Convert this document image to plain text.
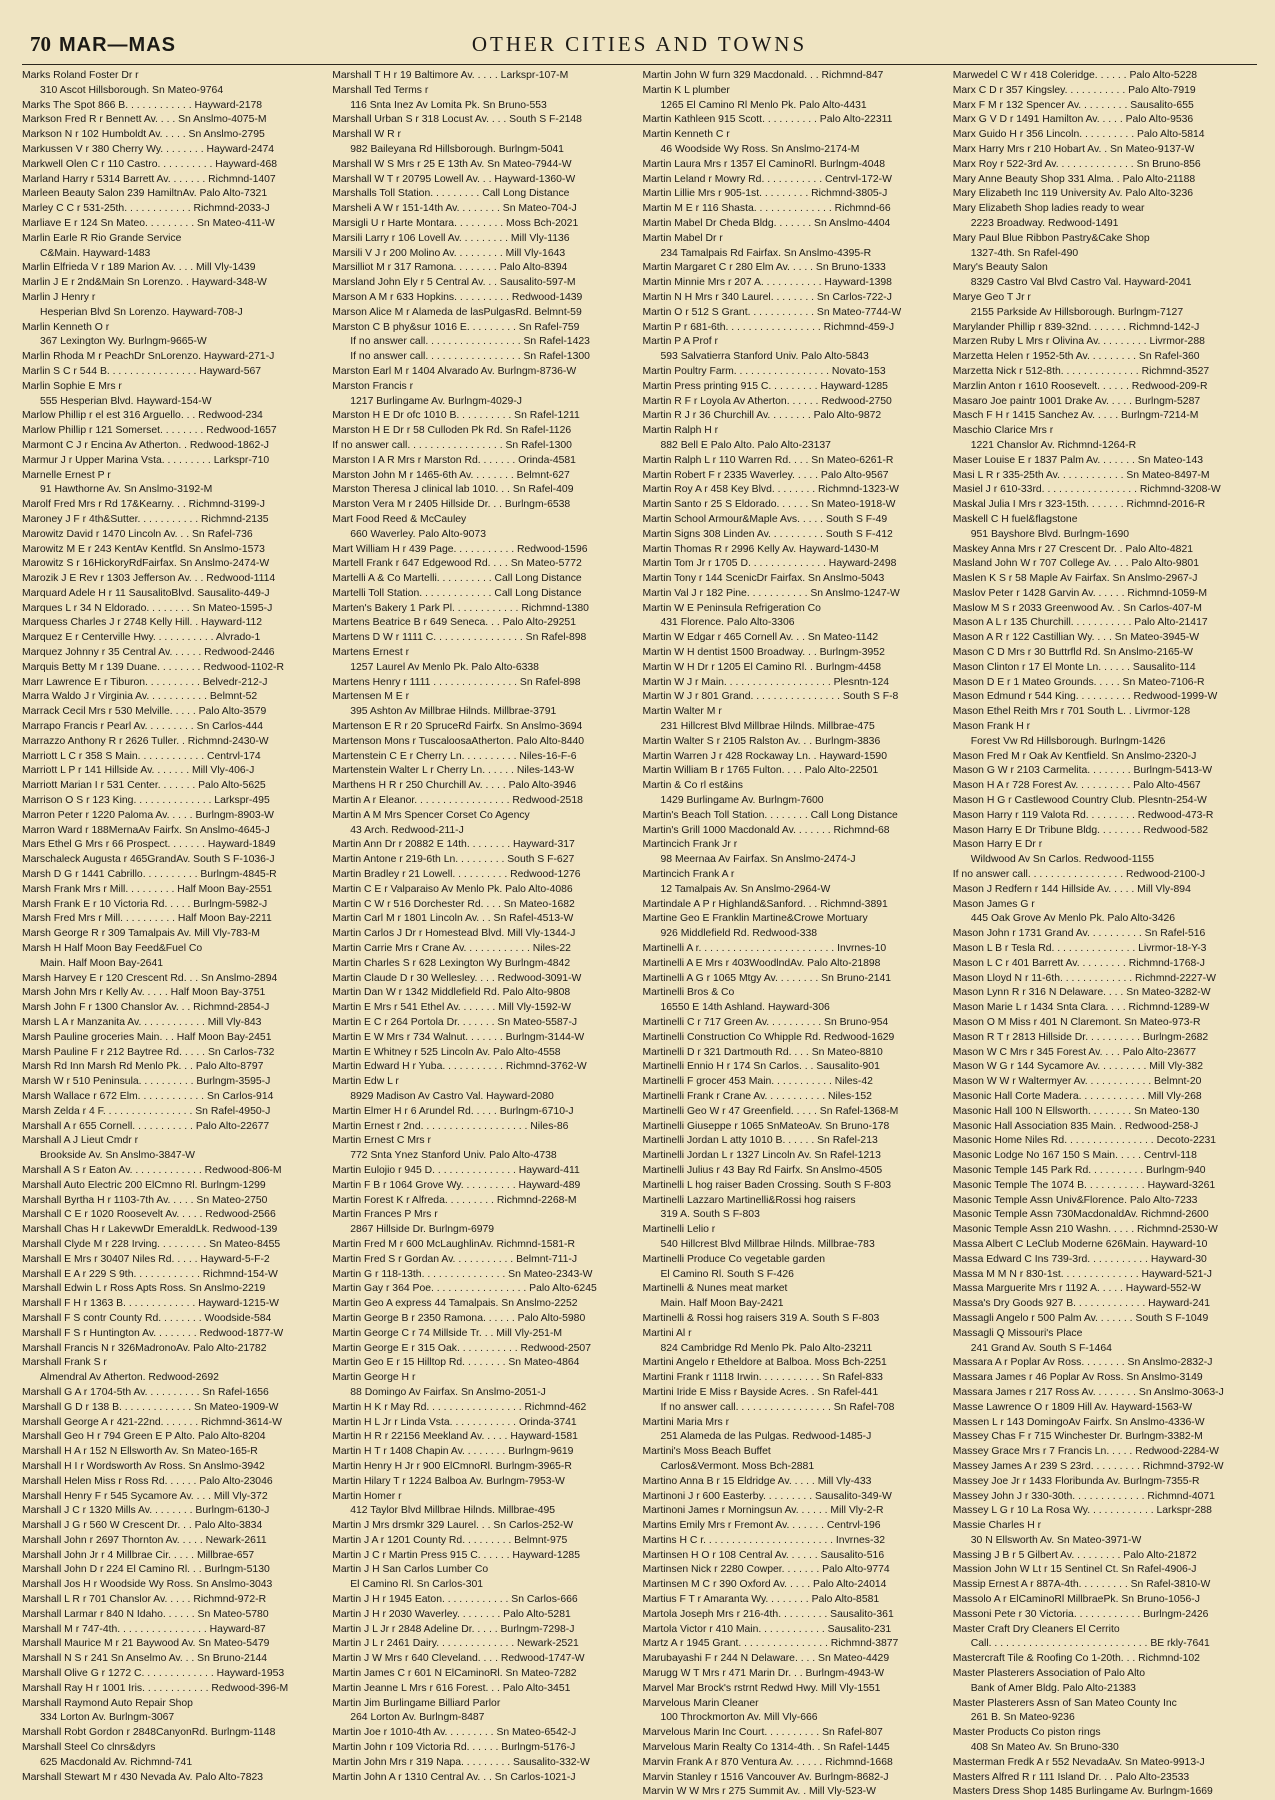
70 MAR—MAS	OTHER CITIES AND TOWNS
Marks Roland Foster Dr r
310 Ascot Hillsborough. Sn Mateo-9764
Marks The Spot 866 B. . . . . . . . . . . . Hayward-2178
Markson Fred R r Bennett Av. . . . Sn Anslmo-4075-M
Markson N r 102 Humboldt Av. . . . . Sn Anslmo-2795
Markussen V r 380 Cherry Wy. . . . . . . . Hayward-2474
Markwell Olen C r 110 Castro. . . . . . . . . . Hayward-468
Marland Harry r 5314 Barrett Av. . . . . . . Richmnd-1407
Marleen Beauty Salon 239 HamiltnAv. Palo Alto-7321
Marley C C r 531-25th. . . . . . . . . . . . Richmnd-2033-J
Marliave E r 124 Sn Mateo. . . . . . . . . Sn Mateo-411-W
Marlin Earle R Rio Grande Service
C&Main. Hayward-1483
Marlin Elfrieda V r 189 Marion Av. . . . Mill Vly-1439
Marlin J E r 2nd&Main Sn Lorenzo. . Hayward-348-W
Marlin J Henry r
Hesperian Blvd Sn Lorenzo. Hayward-708-J
Marlin Kenneth O r
367 Lexington Wy. Burlngm-9665-W
Marlin Rhoda M r PeachDr SnLorenzo. Hayward-271-J
Marlin S C r 544 B. . . . . . . . . . . . . . . . Hayward-567
Marlin Sophie E Mrs r
555 Hesperian Blvd. Hayward-154-W
Marlow Phillip r el est 316 Arguello. . . Redwood-234
Marlow Phillip r 121 Somerset. . . . . . . . Redwood-1657
Marmont C J r Encina Av Atherton. . Redwood-1862-J
Marmur J r Upper Marina Vsta. . . . . . . . . Larkspr-710
Marnelle Ernest P r
91 Hawthorne Av. Sn Anslmo-3192-M
Marolf Fred Mrs r Rd 17&Kearny. . . Richmnd-3199-J
Maroney J F r 4th&Sutter. . . . . . . . . . . Richmnd-2135
Marowitz David r 1470 Lincoln Av. . . Sn Rafel-736
Marowitz M E r 243 KentAv Kentfld. Sn Anslmo-1573
Marowitz S r 16HickoryRdFairfax. Sn Anslmo-2474-W
Marozik J E Rev r 1303 Jefferson Av. . . Redwood-1114
Marquard Adele H r 11 SausalitoBlvd. Sausalito-449-J
Marques L r 34 N Eldorado. . . . . . . . Sn Mateo-1595-J
Marquess Charles J r 2748 Kelly Hill. . Hayward-112
Marquez E r Centerville Hwy. . . . . . . . . . . Alvrado-1
Marquez Johnny r 35 Central Av. . . . . . Redwood-2446
Marquis Betty M r 139 Duane. . . . . . . . Redwood-1102-R
Marr Lawrence E r Tiburon. . . . . . . . . . Belvedr-212-J
Marra Waldo J r Virginia Av. . . . . . . . . . . Belmnt-52
Marrack Cecil Mrs r 530 Melville. . . . . Palo Alto-3579
Marrapo Francis r Pearl Av. . . . . . . . . Sn Carlos-444
Marrazzo Anthony R r 2626 Tuller. . Richmnd-2430-W
Marriott L C r 358 S Main. . . . . . . . . . . . Centrvl-174
Marriott L P r 141 Hillside Av. . . . . . . Mill Vly-406-J
Marriott Marian I r 531 Center. . . . . . . Palo Alto-5625
Marrison O S r 123 King. . . . . . . . . . . . . . Larkspr-495
Marron Peter r 1220 Paloma Av. . . . . Burlngm-8903-W
Marron Ward r 188MernaAv Fairfx. Sn Anslmo-4645-J
Mars Ethel G Mrs r 66 Prospect. . . . . . . Hayward-1849
Marschaleck Augusta r 465GrandAv. South S F-1036-J
Marsh D G r 1441 Cabrillo. . . . . . . . . . Burlngm-4845-R
Marsh Frank Mrs r Mill. . . . . . . . . Half Moon Bay-2551
Marsh Frank E r 10 Victoria Rd. . . . . Burlngm-5982-J
Marsh Fred Mrs r Mill. . . . . . . . . . Half Moon Bay-2211
Marsh George R r 309 Tamalpais Av. Mill Vly-783-M
Marsh H Half Moon Bay Feed&Fuel Co
Main. Half Moon Bay-2641
Marsh Harvey E r 120 Crescent Rd. . . Sn Anslmo-2894
Marsh John Mrs r Kelly Av. . . . . Half Moon Bay-3751
Marsh John F r 1300 Chanslor Av. . . Richmnd-2854-J
Marsh L A r Manzanita Av. . . . . . . . . . . . Mill Vly-843
Marsh Pauline groceries Main. . . Half Moon Bay-2451
Marsh Pauline F r 212 Baytree Rd. . . . . Sn Carlos-732
Marsh Rd Inn Marsh Rd Menlo Pk. . . Palo Alto-8797
Marsh W r 510 Peninsula. . . . . . . . . . Burlngm-3595-J
Marsh Wallace r 672 Elm. . . . . . . . . . . . Sn Carlos-914
Marsh Zelda r 4 F. . . . . . . . . . . . . . . . Sn Rafel-4950-J
Marshall A r 655 Cornell. . . . . . . . . . . Palo Alto-22677
Marshall A J Lieut Cmdr r
Brookside Av. Sn Anslmo-3847-W
Marshall A S r Eaton Av. . . . . . . . . . . . . Redwood-806-M
Marshall Auto Electric 200 ElCmno Rl. Burlngm-1299
Marshall Byrtha H r 1103-7th Av. . . . . Sn Mateo-2750
Marshall C E r 1020 Roosevelt Av. . . . . Redwood-2566
Marshall Chas H r LakevwDr EmeraldLk. Redwood-139
Marshall Clyde M r 228 Irving. . . . . . . . . Sn Mateo-8455
Marshall E Mrs r 30407 Niles Rd. . . . . Hayward-5-F-2
Marshall E A r 229 S 9th. . . . . . . . . . . . Richmnd-154-W
Marshall Edwin L r Ross Apts Ross. Sn Anslmo-2219
Marshall F H r 1363 B. . . . . . . . . . . . . Hayward-1215-W
Marshall F S contr County Rd. . . . . . . . Woodside-584
Marshall F S r Huntington Av. . . . . . . . Redwood-1877-W
Marshall Francis N r 326MadronoAv. Palo Alto-21782
Marshall Frank S r
Almendral Av Atherton. Redwood-2692
Marshall G A r 1704-5th Av. . . . . . . . . . Sn Rafel-1656
Marshall G D r 138 B. . . . . . . . . . . . . Sn Mateo-1909-W
Marshall George A r 421-22nd. . . . . . . Richmnd-3614-W
Marshall Geo H r 794 Green E P Alto. Palo Alto-8204
Marshall H A r 152 N Ellsworth Av. Sn Mateo-165-R
Marshall H I r Wordsworth Av Ross. Sn Anslmo-3942
Marshall Helen Miss r Ross Rd. . . . . . Palo Alto-23046
Marshall Henry F r 545 Sycamore Av. . . . Mill Vly-372
Marshall J C r 1320 Mills Av. . . . . . . . Burlngm-6130-J
Marshall J G r 560 W Crescent Dr. . . Palo Alto-3834
Marshall John r 2697 Thornton Av. . . . . Newark-2611
Marshall John Jr r 4 Millbrae Cir. . . . . Millbrae-657
Marshall John D r 224 El Camino Rl. . . Burlngm-5130
Marshall Jos H r Woodside Wy Ross. Sn Anslmo-3043
Marshall L R r 701 Chanslor Av. . . . . Richmnd-972-R
Marshall Larmar r 840 N Idaho. . . . . . Sn Mateo-5780
Marshall M r 747-4th. . . . . . . . . . . . . . . . Hayward-87
Marshall Maurice M r 21 Baywood Av. Sn Mateo-5479
Marshall N S r 241 Sn Anselmo Av. . . Sn Bruno-2144
Marshall Olive G r 1272 C. . . . . . . . . . . . . Hayward-1953
Marshall Ray H r 1001 Iris. . . . . . . . . . . . Redwood-396-M
Marshall Raymond Auto Repair Shop
334 Lorton Av. Burlngm-3067
Marshall Robt Gordon r 2848CanyonRd. Burlngm-1148
Marshall Steel Co clnrs&dyrs
625 Macdonald Av. Richmnd-741
Marshall Stewart M r 430 Nevada Av. Palo Alto-7823
Marshall T H r 19 Baltimore Av. . . . . Larkspr-107-M
Marshall Ted Terms r
116 Snta Inez Av Lomita Pk. Sn Bruno-553
Marshall Urban S r 318 Locust Av. . . . South S F-2148
Marshall W R r
982 Baileyana Rd Hillsborough. Burlngm-5041
Marshall W S Mrs r 25 E 13th Av. Sn Mateo-7944-W
Marshall W T r 20795 Lowell Av. . . Hayward-1360-W
Marshalls Toll Station. . . . . . . . . Call Long Distance
Marsheli A W r 151-14th Av. . . . . . . . Sn Mateo-704-J
Marsigli U r Harte Montara. . . . . . . . . Moss Bch-2021
Marsili Larry r 106 Lovell Av. . . . . . . . . Mill Vly-1136
Marsili V J r 200 Molino Av. . . . . . . . . Mill Vly-1643
Marsilliot M r 317 Ramona. . . . . . . . Palo Alto-8394
Marsland John Ely r 5 Central Av. . . Sausalito-597-M
Marson A M r 633 Hopkins. . . . . . . . . . Redwood-1439
Marson Alice M r Alameda de lasPulgasRd. Belmnt-59
Marston C B phy&sur 1016 E. . . . . . . . . Sn Rafel-759
If no answer call. . . . . . . . . . . . . . . . . Sn Rafel-1423
If no answer call. . . . . . . . . . . . . . . . . Sn Rafel-1300
Marston Earl M r 1404 Alvarado Av. Burlngm-8736-W
Marston Francis r
1217 Burlingame Av. Burlngm-4029-J
Marston H E Dr ofc 1010 B. . . . . . . . . . Sn Rafel-1211
Marston H E Dr r 58 Culloden Pk Rd. Sn Rafel-1126
If no answer call. . . . . . . . . . . . . . . . . Sn Rafel-1300
Marston I A R Mrs r Marston Rd. . . . . . . Orinda-4581
Marston John M r 1465-6th Av. . . . . . . . Belmnt-627
Marston Theresa J clinical lab 1010. . . Sn Rafel-409
Marston Vera M r 2405 Hillside Dr. . . Burlngm-6538
Mart Food Reed & McCauley
660 Waverley. Palo Alto-9073
Mart William H r 439 Page. . . . . . . . . . . Redwood-1596
Martell Frank r 647 Edgewood Rd. . . . Sn Mateo-5772
Martelli A & Co Martelli. . . . . . . . . . Call Long Distance
Martelli Toll Station. . . . . . . . . . . . . Call Long Distance
Marten's Bakery 1 Park Pl. . . . . . . . . . . . Richmnd-1380
Martens Beatrice B r 649 Seneca. . . Palo Alto-29251
Martens D W r 1111 C. . . . . . . . . . . . . . . . Sn Rafel-898
Martens Ernest r
1257 Laurel Av Menlo Pk. Palo Alto-6338
Martens Henry r 1111 . . . . . . . . . . . . . . . Sn Rafel-898
Martensen M E r
395 Ashton Av Millbrae Hilnds. Millbrae-3791
Martenson E R r 20 SpruceRd Fairfx. Sn Anslmo-3694
Martenson Mons r TuscaloosaAtherton. Palo Alto-8440
Martenstein C E r Cherry Ln. . . . . . . . . . Niles-16-F-6
Martenstein Walter L r Cherry Ln. . . . . . Niles-143-W
Marthens H R r 250 Churchill Av. . . . . Palo Alto-3946
Martin A r Eleanor. . . . . . . . . . . . . . . . . Redwood-2518
Martin A M Mrs Spencer Corset Co Agency
43 Arch. Redwood-211-J
Martin Ann Dr r 20882 E 14th. . . . . . . . Hayward-317
Martin Antone r 219-6th Ln. . . . . . . . . South S F-627
Martin Bradley r 21 Lowell. . . . . . . . . . Redwood-1276
Martin C E r Valparaiso Av Menlo Pk. Palo Alto-4086
Martin C W r 516 Dorchester Rd. . . . Sn Mateo-1682
Martin Carl M r 1801 Lincoln Av. . . Sn Rafel-4513-W
Martin Carlos J Dr r Homestead Blvd. Mill Vly-1344-J
Martin Carrie Mrs r Crane Av. . . . . . . . . . . . Niles-22
Martin Charles S r 628 Lexington Wy Burlngm-4842
Martin Claude D r 30 Wellesley. . . . Redwood-3091-W
Martin Dan W r 1342 Middlefield Rd. Palo Alto-9808
Martin E Mrs r 541 Ethel Av. . . . . . . Mill Vly-1592-W
Martin E C r 264 Portola Dr. . . . . . . Sn Mateo-5587-J
Martin E W Mrs r 734 Walnut. . . . . . . Burlngm-3144-W
Martin E Whitney r 525 Lincoln Av. Palo Alto-4558
Martin Edward H r Yuba. . . . . . . . . . . Richmnd-3762-W
Martin Edw L r
8929 Madison Av Castro Val. Hayward-2080
Martin Elmer H r 6 Arundel Rd. . . . . Burlngm-6710-J
Martin Ernest r 2nd. . . . . . . . . . . . . . . . . . . Niles-86
Martin Ernest C Mrs r
772 Snta Ynez Stanford Univ. Palo Alto-4738
Martin Eulojio r 945 D. . . . . . . . . . . . . . . Hayward-411
Martin F B r 1064 Grove Wy. . . . . . . . . . Hayward-489
Martin Forest K r Alfreda. . . . . . . . . Richmnd-2268-M
Martin Frances P Mrs r
2867 Hillside Dr. Burlngm-6979
Martin Fred M r 600 McLaughlinAv. Richmnd-1581-R
Martin Fred S r Gordan Av. . . . . . . . . . . Belmnt-711-J
Martin G r 118-13th. . . . . . . . . . . . . . . Sn Mateo-2343-W
Martin Gay r 364 Poe. . . . . . . . . . . . . . . . . Palo Alto-6245
Martin Geo A express 44 Tamalpais. Sn Anslmo-2252
Martin George B r 2350 Ramona. . . . . . Palo Alto-5980
Martin George C r 74 Millside Tr. . . Mill Vly-251-M
Martin George E r 315 Oak. . . . . . . . . . . Redwood-2507
Martin Geo E r 15 Hilltop Rd. . . . . . . . Sn Mateo-4864
Martin George H r
88 Domingo Av Fairfax. Sn Anslmo-2051-J
Martin H K r May Rd. . . . . . . . . . . . . . . . . Richmnd-462
Martin H L Jr r Linda Vsta. . . . . . . . . . . . Orinda-3741
Martin H R r 22156 Meekland Av. . . . . Hayward-1581
Martin H T r 1408 Chapin Av. . . . . . . . Burlngm-9619
Martin Henry H Jr r 900 ElCmnoRl. Burlngm-3965-R
Martin Hilary T r 1224 Balboa Av. Burlngm-7953-W
Martin Homer r
412 Taylor Blvd Millbrae Hilnds. Millbrae-495
Martin J Mrs drsmkr 329 Laurel. . . Sn Carlos-252-W
Martin J A r 1201 County Rd. . . . . . . . . Belmnt-975
Martin J C r Martin Press 915 C. . . . . . Hayward-1285
Martin J H San Carlos Lumber Co
El Camino Rl. Sn Carlos-301
Martin J H r 1945 Eaton. . . . . . . . . . . . Sn Carlos-666
Martin J H r 2030 Waverley. . . . . . . . Palo Alto-5281
Martin J L Jr r 2848 Adeline Dr. . . . . Burlngm-7298-J
Martin J L r 2461 Dairy. . . . . . . . . . . . . . Newark-2521
Martin J W Mrs r 640 Cleveland. . . . Redwood-1747-W
Martin James C r 601 N ElCaminoRl. Sn Mateo-7282
Martin Jeanne L Mrs r 616 Forest. . . Palo Alto-3451
Martin Jim Burlingame Billiard Parlor
264 Lorton Av. Burlngm-8487
Martin Joe r 1010-4th Av. . . . . . . . . Sn Mateo-6542-J
Martin John r 109 Victoria Rd. . . . . . Burlngm-5176-J
Martin John Mrs r 319 Napa. . . . . . . . . Sausalito-332-W
Martin John A r 1310 Central Av. . . Sn Carlos-1021-J
Martin John W furn 329 Macdonald. . . Richmnd-847
Martin K L plumber
1265 El Camino Rl Menlo Pk. Palo Alto-4431
Martin Kathleen 915 Scott. . . . . . . . . . Palo Alto-22311
Martin Kenneth C r
46 Woodside Wy Ross. Sn Anslmo-2174-M
Martin Laura Mrs r 1357 El CaminoRl. Burlngm-4048
Martin Leland r Mowry Rd. . . . . . . . . . . Centrvl-172-W
Martin Lillie Mrs r 905-1st. . . . . . . . . Richmnd-3805-J
Martin M E r 116 Shasta. . . . . . . . . . . . . . Richmnd-66
Martin Mabel Dr Cheda Bldg. . . . . . . Sn Anslmo-4404
Martin Mabel Dr r
234 Tamalpais Rd Fairfax. Sn Anslmo-4395-R
Martin Margaret C r 280 Elm Av. . . . . Sn Bruno-1333
Martin Minnie Mrs r 207 A. . . . . . . . . . . Hayward-1398
Martin N H Mrs r 340 Laurel. . . . . . . . Sn Carlos-722-J
Martin O r 512 S Grant. . . . . . . . . . . . Sn Mateo-7744-W
Martin P r 681-6th. . . . . . . . . . . . . . . . . Richmnd-459-J
Martin P A Prof r
593 Salvatierra Stanford Univ. Palo Alto-5843
Martin Poultry Farm. . . . . . . . . . . . . . . . . Novato-153
Martin Press printing 915 C. . . . . . . . . Hayward-1285
Martin R F r Loyola Av Atherton. . . . . . Redwood-2750
Martin R J r 36 Churchill Av. . . . . . . . Palo Alto-9872
Martin Ralph H r
882 Bell E Palo Alto. Palo Alto-23137
Martin Ralph L r 110 Warren Rd. . . . Sn Mateo-6261-R
Martin Robert F r 2335 Waverley. . . . . Palo Alto-9567
Martin Roy A r 458 Key Blvd. . . . . . . . Richmnd-1323-W
Martin Santo r 25 S Eldorado. . . . . . Sn Mateo-1918-W
Martin School Armour&Maple Avs. . . . . South S F-49
Martin Signs 308 Linden Av. . . . . . . . . . South S F-412
Martin Thomas R r 2996 Kelly Av. Hayward-1430-M
Martin Tom Jr r 1705 D. . . . . . . . . . . . . . Hayward-2498
Martin Tony r 144 ScenicDr Fairfax. Sn Anslmo-5043
Martin Val J r 182 Pine. . . . . . . . . . . Sn Anslmo-1247-W
Martin W E Peninsula Refrigeration Co
431 Florence. Palo Alto-3306
Martin W Edgar r 465 Cornell Av. . . Sn Mateo-1142
Martin W H dentist 1500 Broadway. . . Burlngm-3952
Martin W H Dr r 1205 El Camino Rl. . Burlngm-4458
Martin W J r Main. . . . . . . . . . . . . . . . . . . Plesntn-124
Martin W J r 801 Grand. . . . . . . . . . . . . . . . South S F-8
Martin Walter M r
231 Hillcrest Blvd Millbrae Hilnds. Millbrae-475
Martin Walter S r 2105 Ralston Av. . . Burlngm-3836
Martin Warren J r 428 Rockaway Ln. . Hayward-1590
Martin William B r 1765 Fulton. . . . Palo Alto-22501
Martin & Co rl est&ins
1429 Burlingame Av. Burlngm-7600
Martin's Beach Toll Station. . . . . . . . Call Long Distance
Martin's Grill 1000 Macdonald Av. . . . . . . Richmnd-68
Martincich Frank Jr r
98 Meernaa Av Fairfax. Sn Anslmo-2474-J
Martincich Frank A r
12 Tamalpais Av. Sn Anslmo-2964-W
Martindale A P r Highland&Sanford. . . Richmnd-3891
Martine Geo E Franklin Martine&Crowe Mortuary
926 Middlefield Rd. Redwood-338
Martinelli A r. . . . . . . . . . . . . . . . . . . . . . . . Invrnes-10
Martinelli A E Mrs r 403WoodlndAv. Palo Alto-21898
Martinelli A G r 1065 Mtgy Av. . . . . . . . Sn Bruno-2141
Martinelli Bros & Co
16550 E 14th Ashland. Hayward-306
Martinelli C r 717 Green Av. . . . . . . . . . Sn Bruno-954
Martinelli Construction Co Whipple Rd. Redwood-1629
Martinelli D r 321 Dartmouth Rd. . . . Sn Mateo-8810
Martinelli Ennio H r 174 Sn Carlos. . . Sausalito-901
Martinelli F grocer 453 Main. . . . . . . . . . . Niles-42
Martinelli Frank r Crane Av. . . . . . . . . . . Niles-152
Martinelli Geo W r 47 Greenfield. . . . . Sn Rafel-1368-M
Martinelli Giuseppe r 1065 SnMateoAv. Sn Bruno-178
Martinelli Jordan L atty 1010 B. . . . . . Sn Rafel-213
Martinelli Jordan L r 1327 Lincoln Av. Sn Rafel-1213
Martinelli Julius r 43 Bay Rd Fairfx. Sn Anslmo-4505
Martinelli L hog raiser Baden Crossing. South S F-803
Martinelli Lazzaro Martinelli&Rossi hog raisers
319 A. South S F-803
Martinelli Lelio r
540 Hillcrest Blvd Millbrae Hilnds. Millbrae-783
Martinelli Produce Co vegetable garden
El Camino Rl. South S F-426
Martinelli & Nunes meat market
Main. Half Moon Bay-2421
Martinelli & Rossi hog raisers 319 A. South S F-803
Martini Al r
824 Cambridge Rd Menlo Pk. Palo Alto-23211
Martini Angelo r Etheldore at Balboa. Moss Bch-2251
Martini Frank r 1118 Irwin. . . . . . . . . . . Sn Rafel-833
Martini Iride E Miss r Bayside Acres. . Sn Rafel-441
If no answer call. . . . . . . . . . . . . . . . . Sn Rafel-708
Martini Maria Mrs r
251 Alameda de las Pulgas. Redwood-1485-J
Martini's Moss Beach Buffet
Carlos&Vermont. Moss Bch-2881
Martino Anna B r 15 Eldridge Av. . . . . Mill Vly-433
Martinoni J r 600 Easterby. . . . . . . . . Sausalito-349-W
Martinoni James r Morningsun Av. . . . . . Mill Vly-2-R
Martins Emily Mrs r Fremont Av. . . . . . . Centrvl-196
Martins H C r. . . . . . . . . . . . . . . . . . . . . . . Invrnes-32
Martinsen H O r 108 Central Av. . . . . . Sausalito-516
Martinsen Nick r 2280 Cowper. . . . . . . Palo Alto-9774
Martinsen M C r 390 Oxford Av. . . . . Palo Alto-24014
Martius F T r Amaranta Wy. . . . . . . . Palo Alto-8581
Martola Joseph Mrs r 216-4th. . . . . . . . . Sausalito-361
Martola Victor r 410 Main. . . . . . . . . . . . Sausalito-231
Martz A r 1945 Grant. . . . . . . . . . . . . . . . Richmnd-3877
Marubayashi F r 244 N Delaware. . . . Sn Mateo-4429
Marugg W T Mrs r 471 Marin Dr. . . Burlngm-4943-W
Marvel Mar Brock's rstrnt Redwd Hwy. Mill Vly-1551
Marvelous Marin Cleaner
100 Throckmorton Av. Mill Vly-666
Marvelous Marin Inc Court. . . . . . . . . . Sn Rafel-807
Marvelous Marin Realty Co 1314-4th. . Sn Rafel-1445
Marvin Frank A r 870 Ventura Av. . . . . . Richmnd-1668
Marvin Stanley r 1516 Vancouver Av. Burlngm-8682-J
Marvin W W Mrs r 275 Summit Av. . Mill Vly-523-W
Marwedel C W r 418 Coleridge. . . . . . Palo Alto-5228
Marx C D r 357 Kingsley. . . . . . . . . . . Palo Alto-7919
Marx F M r 132 Spencer Av. . . . . . . . . Sausalito-655
Marx G V D r 1491 Hamilton Av. . . . . Palo Alto-9536
Marx Guido H r 356 Lincoln. . . . . . . . . . Palo Alto-5814
Marx Harry Mrs r 210 Hobart Av. . Sn Mateo-9137-W
Marx Roy r 522-3rd Av. . . . . . . . . . . . . . Sn Bruno-856
Mary Anne Beauty Shop 331 Alma. . Palo Alto-21188
Mary Elizabeth Inc 119 University Av. Palo Alto-3236
Mary Elizabeth Shop ladies ready to wear
2223 Broadway. Redwood-1491
Mary Paul Blue Ribbon Pastry&Cake Shop
1327-4th. Sn Rafel-490
Mary's Beauty Salon
8329 Castro Val Blvd Castro Val. Hayward-2041
Marye Geo T Jr r
2155 Parkside Av Hillsborough. Burlngm-7127
Marylander Phillip r 839-32nd. . . . . . . Richmnd-142-J
Marzen Ruby L Mrs r Olivina Av. . . . . . . . . Livrmor-288
Marzetta Helen r 1952-5th Av. . . . . . . . . Sn Rafel-360
Marzetta Nick r 512-8th. . . . . . . . . . . . . . Richmnd-3527
Marzlin Anton r 1610 Roosevelt. . . . . . Redwood-209-R
Masaro Joe paintr 1001 Drake Av. . . . . Burlngm-5287
Masch F H r 1415 Sanchez Av. . . . . Burlngm-7214-M
Maschio Clarice Mrs r
1221 Chanslor Av. Richmnd-1264-R
Maser Louise E r 1837 Palm Av. . . . . . . Sn Mateo-143
Masi L R r 335-25th Av. . . . . . . . . . . . Sn Mateo-8497-M
Masiel J r 610-33rd. . . . . . . . . . . . . . . . . Richmnd-3208-W
Maskal Julia I Mrs r 323-15th. . . . . . . Richmnd-2016-R
Maskell C H fuel&flagstone
951 Bayshore Blvd. Burlngm-1690
Maskey Anna Mrs r 27 Crescent Dr. . Palo Alto-4821
Masland John W r 707 College Av. . . . Palo Alto-9801
Maslen K S r 58 Maple Av Fairfax. Sn Anslmo-2967-J
Maslov Peter r 1428 Garvin Av. . . . . . Richmnd-1059-M
Maslow M S r 2033 Greenwood Av. . Sn Carlos-407-M
Mason A L r 135 Churchill. . . . . . . . . . . Palo Alto-21417
Mason A R r 122 Castillian Wy. . . . Sn Mateo-3945-W
Mason C D Mrs r 30 Buttrfld Rd. Sn Anslmo-2165-W
Mason Clinton r 17 El Monte Ln. . . . . . Sausalito-114
Mason D E r 1 Mateo Grounds. . . . . Sn Mateo-7106-R
Mason Edmund r 544 King. . . . . . . . . . Redwood-1999-W
Mason Ethel Reith Mrs r 701 South L. . Livrmor-128
Mason Frank H r
Forest Vw Rd Hillsborough. Burlngm-1426
Mason Fred M r Oak Av Kentfield. Sn Anslmo-2320-J
Mason G W r 2103 Carmelita. . . . . . . . Burlngm-5413-W
Mason H A r 728 Forest Av. . . . . . . . . . Palo Alto-4567
Mason H G r Castlewood Country Club. Plesntn-254-W
Mason Harry r 119 Valota Rd. . . . . . . . . Redwood-473-R
Mason Harry E Dr Tribune Bldg. . . . . . . . Redwood-582
Mason Harry E Dr r
Wildwood Av Sn Carlos. Redwood-1155
If no answer call. . . . . . . . . . . . . . . . . Redwood-2100-J
Mason J Redfern r 144 Hillside Av. . . . . Mill Vly-894
Mason James G r
445 Oak Grove Av Menlo Pk. Palo Alto-3426
Mason John r 1731 Grand Av. . . . . . . . . . Sn Rafel-516
Mason L B r Tesla Rd. . . . . . . . . . . . . . . Livrmor-18-Y-3
Mason L C r 401 Barrett Av. . . . . . . . . Richmnd-1768-J
Mason Lloyd N r 11-6th. . . . . . . . . . . . . Richmnd-2227-W
Mason Lynn R r 316 N Delaware. . . . Sn Mateo-3282-W
Mason Marie L r 1434 Snta Clara. . . . Richmnd-1289-W
Mason O M Miss r 401 N Claremont. Sn Mateo-973-R
Mason R T r 2813 Hillside Dr. . . . . . . . . . Burlngm-2682
Mason W C Mrs r 345 Forest Av. . . . Palo Alto-23677
Mason W G r 144 Sycamore Av. . . . . . . . . Mill Vly-382
Mason W W r Waltermyer Av. . . . . . . . . . . . Belmnt-20
Masonic Hall Corte Madera. . . . . . . . . . . . Mill Vly-268
Masonic Hall 100 N Ellsworth. . . . . . . . Sn Mateo-130
Masonic Hall Association 835 Main. . Redwood-258-J
Masonic Home Niles Rd. . . . . . . . . . . . . . . . Decoto-2231
Masonic Lodge No 167 150 S Main. . . . . Centrvl-118
Masonic Temple 145 Park Rd. . . . . . . . . . Burlngm-940
Masonic Temple The 1074 B. . . . . . . . . . . Hayward-3261
Masonic Temple Assn Univ&Florence. Palo Alto-7233
Masonic Temple Assn 730MacdonaldAv. Richmnd-2600
Masonic Temple Assn 210 Washn. . . . . Richmnd-2530-W
Massa Albert C LeClub Moderne 626Main. Hayward-10
Massa Edward C Ins 739-3rd. . . . . . . . . . . Hayward-30
Massa M M N r 830-1st. . . . . . . . . . . . . . Hayward-521-J
Massa Marguerite Mrs r 1192 A. . . . . Hayward-552-W
Massa's Dry Goods 927 B. . . . . . . . . . . . . Hayward-241
Massagli Angelo r 500 Palm Av. . . . . . . South S F-1049
Massagli Q Missouri's Place
241 Grand Av. South S F-1464
Massara A r Poplar Av Ross. . . . . . . . Sn Anslmo-2832-J
Massara James r 46 Poplar Av Ross. Sn Anslmo-3149
Massara James r 217 Ross Av. . . . . . . . Sn Anslmo-3063-J
Masse Lawrence O r 1809 Hill Av. Hayward-1563-W
Massen L r 143 DomingoAv Fairfx. Sn Anslmo-4336-W
Massey Chas F r 715 Winchester Dr. Burlngm-3382-M
Massey Grace Mrs r 7 Francis Ln. . . . . Redwood-2284-W
Massey James A r 239 S 23rd. . . . . . . . . Richmnd-3792-W
Massey Joe Jr r 1433 Floribunda Av. Burlngm-7355-R
Massey John J r 330-30th. . . . . . . . . . . . . Richmnd-4071
Massey L G r 10 La Rosa Wy. . . . . . . . . . . . Larkspr-288
Massie Charles H r
30 N Ellsworth Av. Sn Mateo-3971-W
Massing J B r 5 Gilbert Av. . . . . . . . . Palo Alto-21872
Massion John W Lt r 15 Sentinel Ct. Sn Rafel-4906-J
Massip Ernest A r 887A-4th. . . . . . . . . Sn Rafel-3810-W
Massolo A r ElCaminoRl MillbraePk. Sn Bruno-1056-J
Massoni Pete r 30 Victoria. . . . . . . . . . . . Burlngm-2426
Master Craft Dry Cleaners El Cerrito
Call. . . . . . . . . . . . . . . . . . . . . . . . . . . . BE rkly-7641
Mastercraft Tile & Roofing Co 1-20th. . . Richmnd-102
Master Plasterers Association of Palo Alto
Bank of Amer Bldg. Palo Alto-21383
Master Plasterers Assn of San Mateo County Inc
261 B. Sn Mateo-9236
Master Products Co piston rings
408 Sn Mateo Av. Sn Bruno-330
Masterman Fredk A r 552 NevadaAv. Sn Mateo-9913-J
Masters Alfred R r 111 Island Dr. . . Palo Alto-23533
Masters Dress Shop 1485 Burlingame Av. Burlngm-1669
